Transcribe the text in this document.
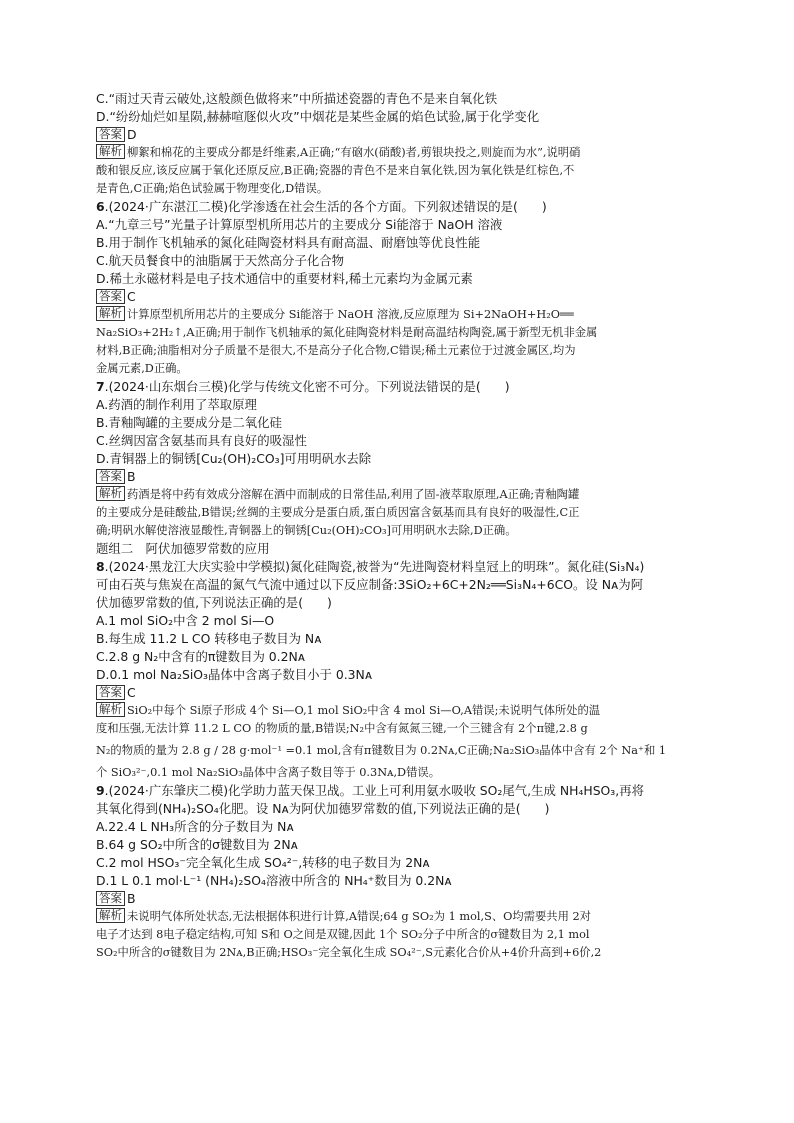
C.“雨过天青云破处,这般颜色做将来”中所描述瓷器的青色不是来自氧化铁
D.“纷纷灿烂如星陨,赫赫喧豗似火攻”中烟花是某些金属的焰色试验,属于化学变化
答案 D
解析 柳絮和棉花的主要成分都是纤维素,A正确;“有硇水(硝酸)者,剪银块投之,则旋而为水”,说明硝
酸和银反应,该反应属于氧化还原反应,B正确;瓷器的青色不是来自氧化铁,因为氧化铁是红棕色,不
是青色,C正确;焰色试验属于物理变化,D错误。
6.(2024·广东湛江二模)化学渗透在社会生活的各个方面。下列叙述错误的是( )
A.“九章三号”光量子计算原型机所用芯片的主要成分 Si能溶于 NaOH 溶液
B.用于制作飞机轴承的氮化硅陶瓷材料具有耐高温、耐磨蚀等优良性能
C.航天员餐食中的油脂属于天然高分子化合物
D.稀土永磁材料是电子技术通信中的重要材料,稀土元素均为金属元素
答案 C
解析 计算原型机所用芯片的主要成分 Si能溶于 NaOH 溶液,反应原理为 Si+2NaOH+H₂O══
Na₂SiO₃+2H₂↑,A正确;用于制作飞机轴承的氮化硅陶瓷材料是耐高温结构陶瓷,属于新型无机非金属
材料,B正确;油脂相对分子质量不是很大,不是高分子化合物,C错误;稀土元素位于过渡金属区,均为
金属元素,D正确。
7.(2024·山东烟台三模)化学与传统文化密不可分。下列说法错误的是( )
A.药酒的制作利用了萃取原理
B.青釉陶罐的主要成分是二氧化硅
C.丝绸因富含氨基而具有良好的吸湿性
D.青铜器上的铜锈[Cu₂(OH)₂CO₃]可用明矾水去除
答案 B
解析 药酒是将中药有效成分溶解在酒中而制成的日常佳品,利用了固-液萃取原理,A正确;青釉陶罐
的主要成分是硅酸盐,B错误;丝绸的主要成分是蛋白质,蛋白质因富含氨基而具有良好的吸湿性,C正
确;明矾水解使溶液显酸性,青铜器上的铜锈[Cu₂(OH)₂CO₃]可用明矾水去除,D正确。
题组二　阿伏加德罗常数的应用
8.(2024·黑龙江大庆实验中学模拟)氮化硅陶瓷,被誉为“先进陶瓷材料皇冠上的明珠”。氮化硅(Si₃N₄)
可由石英与焦炭在高温的氮气气流中通过以下反应制备:3SiO₂+6C+2N₂══Si₃N₄+6CO。设 Nᴀ为阿
伏加德罗常数的值,下列说法正确的是( )
A.1 mol SiO₂中含 2 mol Si—O
B.每生成 11.2 L CO 转移电子数目为 Nᴀ
C.2.8 g N₂中含有的π键数目为 0.2Nᴀ
D.0.1 mol Na₂SiO₃晶体中含离子数目小于 0.3Nᴀ
答案 C
解析 SiO₂中每个 Si原子形成 4个 Si—O,1 mol SiO₂中含 4 mol Si—O,A错误;未说明气体所处的温
度和压强,无法计算 11.2 L CO 的物质的量,B错误;N₂中含有氮氮三键,一个三键含有 2个π键,2.8 g
N₂的物质的量为 2.8 g / 28 g·mol⁻¹ =0.1 mol,含有π键数目为 0.2Nᴀ,C正确;Na₂SiO₃晶体中含有 2个 Na⁺和 1
个 SiO₃²⁻,0.1 mol Na₂SiO₃晶体中含离子数目等于 0.3Nᴀ,D错误。
9.(2024·广东肇庆二模)化学助力蓝天保卫战。工业上可利用氨水吸收 SO₂尾气,生成 NH₄HSO₃,再将
其氧化得到(NH₄)₂SO₄化肥。设 Nᴀ为阿伏加德罗常数的值,下列说法正确的是( )
A.22.4 L NH₃所含的分子数目为 Nᴀ
B.64 g SO₂中所含的σ键数目为 2Nᴀ
C.2 mol HSO₃⁻完全氧化生成 SO₄²⁻,转移的电子数目为 2Nᴀ
D.1 L 0.1 mol·L⁻¹ (NH₄)₂SO₄溶液中所含的 NH₄⁺数目为 0.2Nᴀ
答案 B
解析 未说明气体所处状态,无法根据体积进行计算,A错误;64 g SO₂为 1 mol,S、O均需要共用 2对
电子才达到 8电子稳定结构,可知 S和 O之间是双键,因此 1个 SO₂分子中所含的σ键数目为 2,1 mol
SO₂中所含的σ键数目为 2Nᴀ,B正确;HSO₃⁻完全氧化生成 SO₄²⁻,S元素化合价从+4价升高到+6价,2
